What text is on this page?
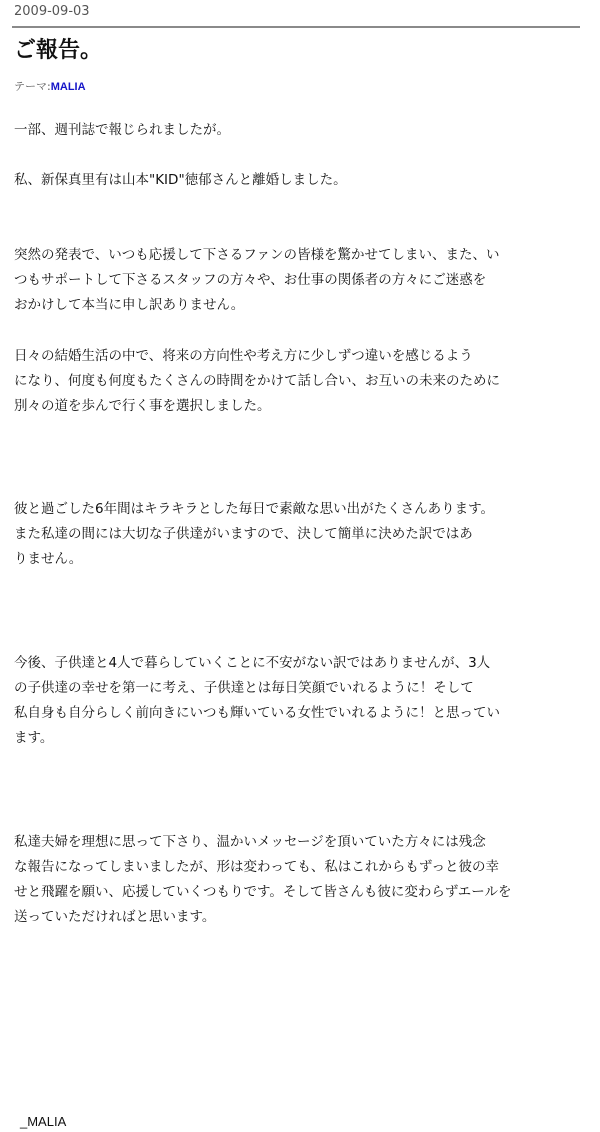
2009-09-03
ご報告。
テーマ:MALIA

一部、週刊誌で報じられましたが。

私、新保真里有は山本"KID"徳郁さんと離婚しました。

突然の発表で、いつも応援して下さるファンの皆様を驚かせてしまい、また、い
つもサポートして下さるスタッフの方々や、お仕事の関係者の方々にご迷惑を
おかけして本当に申し訳ありません。

日々の結婚生活の中で、将来の方向性や考え方に少しずつ違いを感じるよう
になり、何度も何度もたくさんの時間をかけて話し合い、お互いの未来のために
別々の道を歩んで行く事を選択しました。

彼と過ごした6年間はキラキラとした毎日で素敵な思い出がたくさんあります。
また私達の間には大切な子供達がいますので、決して簡単に決めた訳ではあ
りません。

今後、子供達と4人で暮らしていくことに不安がない訳ではありませんが、3人
の子供達の幸せを第一に考え、子供達とは毎日笑顔でいれるように！そして
私自身も自分らしく前向きにいつも輝いている女性でいれるように！と思ってい
ます。

私達夫婦を理想に思って下さり、温かいメッセージを頂いていた方々には残念
な報告になってしまいましたが、形は変わっても、私はこれからもずっと彼の幸
せと飛躍を願い、応援していくつもりです。そして皆さんも彼に変わらずエールを
送っていただければと思います。

_MALIA
